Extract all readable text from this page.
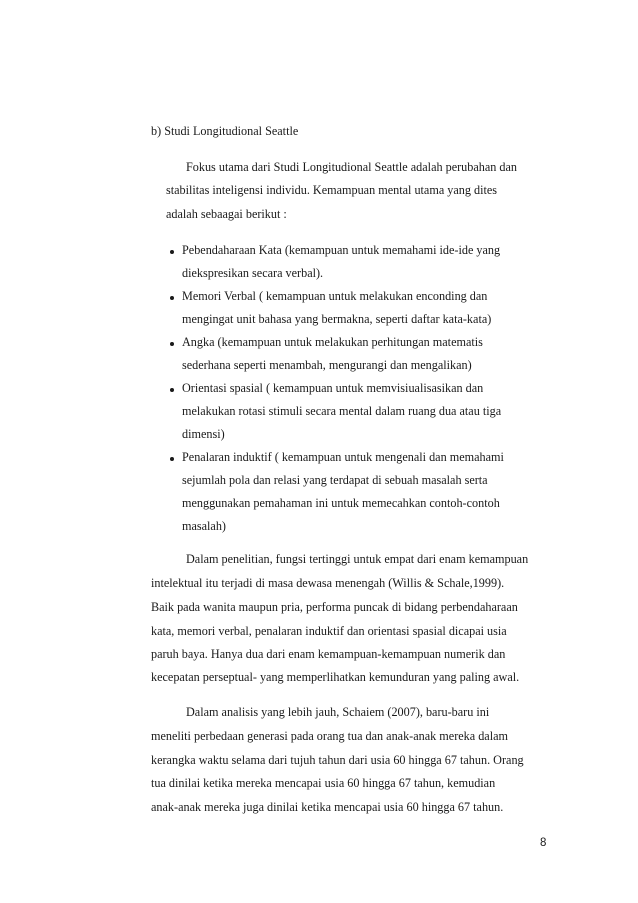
b) Studi Longitudional Seattle
Fokus utama dari Studi Longitudional Seattle adalah perubahan dan
stabilitas inteligensi individu. Kemampuan mental utama yang dites
adalah sebaagai berikut :
Pebendaharaan Kata (kemampuan untuk memahami ide-ide yang
diekspresikan secara verbal).
Memori Verbal ( kemampuan untuk melakukan enconding dan
mengingat unit bahasa yang bermakna, seperti daftar kata-kata)
Angka (kemampuan untuk melakukan perhitungan matematis
sederhana seperti menambah, mengurangi dan mengalikan)
Orientasi spasial ( kemampuan untuk memvisiualisasikan dan
melakukan rotasi stimuli secara mental dalam ruang dua atau tiga
dimensi)
Penalaran induktif ( kemampuan untuk mengenali dan memahami
sejumlah pola dan relasi yang terdapat di sebuah masalah serta
menggunakan pemahaman ini untuk memecahkan contoh-contoh
masalah)
Dalam penelitian, fungsi tertinggi untuk empat dari enam kemampuan
intelektual itu terjadi di masa dewasa menengah (Willis & Schale,1999).
Baik pada wanita maupun pria, performa puncak di bidang perbendaharaan
kata, memori verbal, penalaran induktif dan orientasi spasial dicapai usia
paruh baya. Hanya dua dari enam kemampuan-kemampuan numerik dan
kecepatan perseptual- yang memperlihatkan kemunduran yang paling awal.
Dalam analisis yang lebih jauh, Schaiem (2007), baru-baru ini
meneliti perbedaan generasi pada orang tua dan anak-anak mereka dalam
kerangka waktu selama dari tujuh tahun dari usia 60 hingga 67 tahun. Orang
tua dinilai ketika mereka mencapai usia 60 hingga 67 tahun, kemudian
anak-anak mereka juga dinilai ketika mencapai usia 60 hingga 67 tahun.
8
